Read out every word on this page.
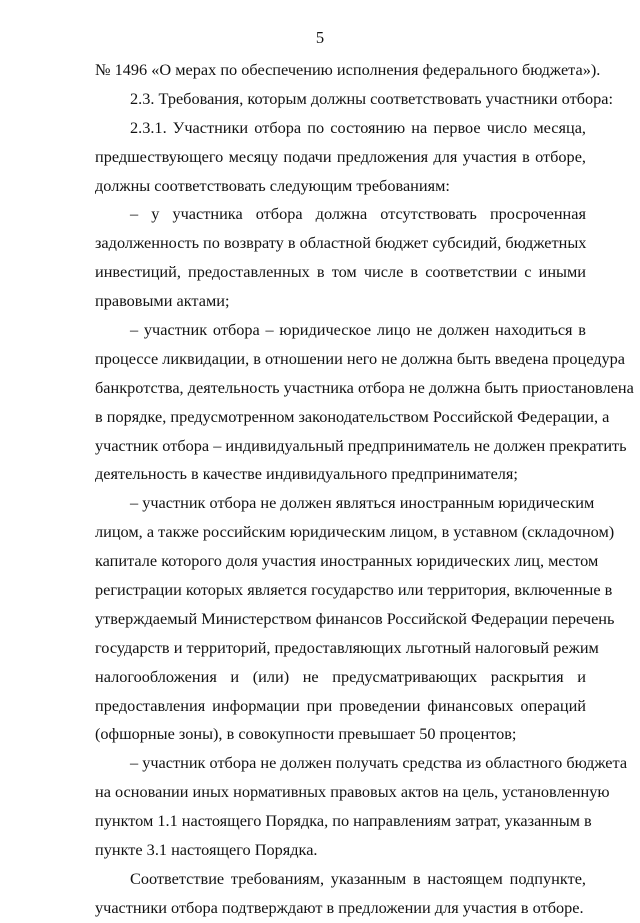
5
№ 1496 «О мерах по обеспечению исполнения федерального бюджета»).
2.3. Требования, которым должны соответствовать участники отбора:
2.3.1. Участники отбора по состоянию на первое число месяца,
предшествующего месяцу подачи предложения для участия в отборе,
должны соответствовать следующим требованиям:
– у участника отбора должна отсутствовать просроченная
задолженность по возврату в областной бюджет субсидий, бюджетных
инвестиций, предоставленных в том числе в соответствии с иными
правовыми актами;
– участник отбора – юридическое лицо не должен находиться в
процессе ликвидации, в отношении него не должна быть введена процедура
банкротства, деятельность участника отбора не должна быть приостановлена
в порядке, предусмотренном законодательством Российской Федерации, а
участник отбора – индивидуальный предприниматель не должен прекратить
деятельность в качестве индивидуального предпринимателя;
– участник отбора не должен являться иностранным юридическим
лицом, а также российским юридическим лицом, в уставном (складочном)
капитале которого доля участия иностранных юридических лиц, местом
регистрации которых является государство или территория, включенные в
утверждаемый Министерством финансов Российской Федерации перечень
государств и территорий, предоставляющих льготный налоговый режим
налогообложения и (или) не предусматривающих раскрытия и
предоставления информации при проведении финансовых операций
(офшорные зоны), в совокупности превышает 50 процентов;
– участник отбора не должен получать средства из областного бюджета
на основании иных нормативных правовых актов на цель, установленную
пунктом 1.1 настоящего Порядка, по направлениям затрат, указанным в
пункте 3.1 настоящего Порядка.
Соответствие требованиям, указанным в настоящем подпункте,
участники отбора подтверждают в предложении для участия в отборе.
